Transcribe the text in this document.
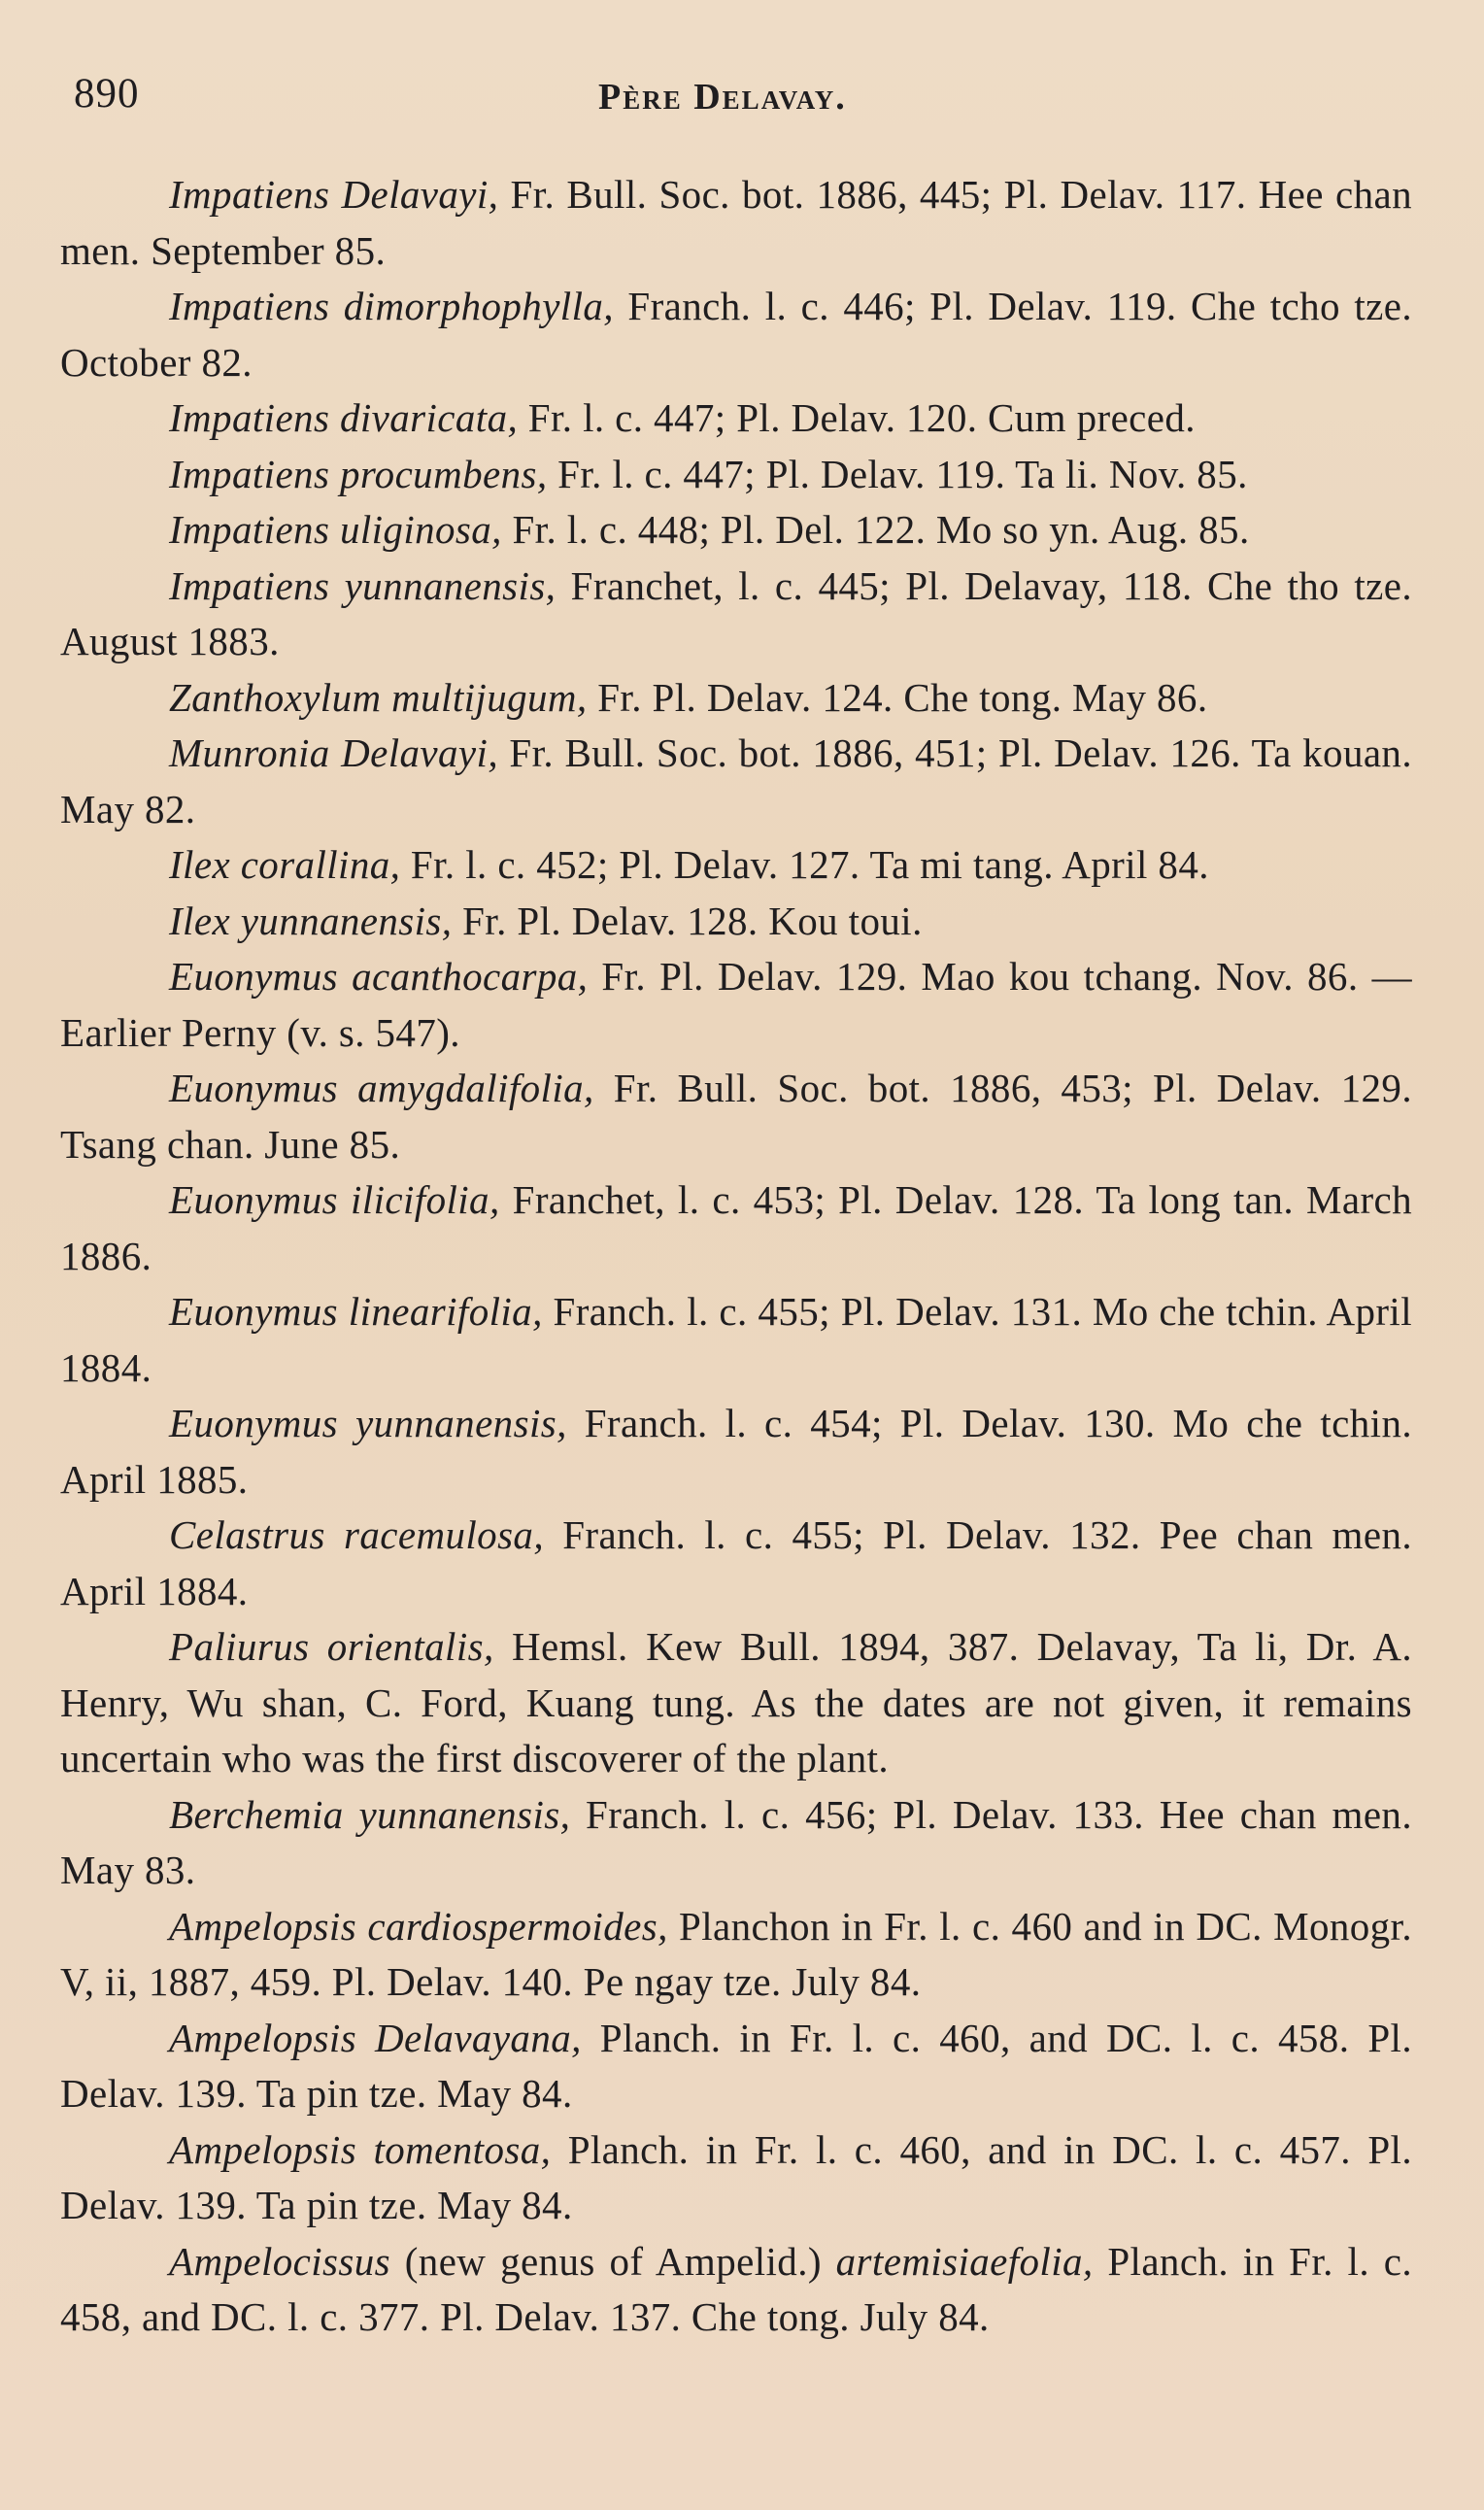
890	Père Delavay.

Impatiens Delavayi, Fr. Bull. Soc. bot. 1886, 445; Pl. Delav. 117. Hee chan men. September 85.

Impatiens dimorphophylla, Franch. l. c. 446; Pl. Delav. 119. Che tcho tze. October 82.

Impatiens divaricata, Fr. l. c. 447; Pl. Delav. 120. Cum preced.

Impatiens procumbens, Fr. l. c. 447; Pl. Delav. 119. Ta li. Nov. 85.

Impatiens uliginosa, Fr. l. c. 448; Pl. Del. 122. Mo so yn. Aug. 85.

Impatiens yunnanensis, Franchet, l. c. 445; Pl. Delavay, 118. Che tho tze. August 1883.

Zanthoxylum multijugum, Fr. Pl. Delav. 124. Che tong. May 86.

Munronia Delavayi, Fr. Bull. Soc. bot. 1886, 451; Pl. Delav. 126. Ta kouan. May 82.

Ilex corallina, Fr. l. c. 452; Pl. Delav. 127. Ta mi tang. April 84.

Ilex yunnanensis, Fr. Pl. Delav. 128. Kou toui.

Euonymus acanthocarpa, Fr. Pl. Delav. 129. Mao kou tchang. Nov. 86. — Earlier Perny (v. s. 547).

Euonymus amygdalifolia, Fr. Bull. Soc. bot. 1886, 453; Pl. Delav. 129. Tsang chan. June 85.

Euonymus ilicifolia, Franchet, l. c. 453; Pl. Delav. 128. Ta long tan. March 1886.

Euonymus linearifolia, Franch. l. c. 455; Pl. Delav. 131. Mo che tchin. April 1884.

Euonymus yunnanensis, Franch. l. c. 454; Pl. Delav. 130. Mo che tchin. April 1885.

Celastrus racemulosa, Franch. l. c. 455; Pl. Delav. 132. Pee chan men. April 1884.

Paliurus orientalis, Hemsl. Kew Bull. 1894, 387. Delavay, Ta li, Dr. A. Henry, Wu shan, C. Ford, Kuang tung. As the dates are not given, it remains uncertain who was the first discoverer of the plant.

Berchemia yunnanensis, Franch. l. c. 456; Pl. Delav. 133. Hee chan men. May 83.

Ampelopsis cardiospermoides, Planchon in Fr. l. c. 460 and in DC. Monogr. V, ii, 1887, 459. Pl. Delav. 140. Pe ngay tze. July 84.

Ampelopsis Delavayana, Planch. in Fr. l. c. 460, and DC. l. c. 458. Pl. Delav. 139. Ta pin tze. May 84.

Ampelopsis tomentosa, Planch. in Fr. l. c. 460, and in DC. l. c. 457. Pl. Delav. 139. Ta pin tze. May 84.

Ampelocissus (new genus of Ampelid.) artemisiaefolia, Planch. in Fr. l. c. 458, and DC. l. c. 377. Pl. Delav. 137. Che tong. July 84.
